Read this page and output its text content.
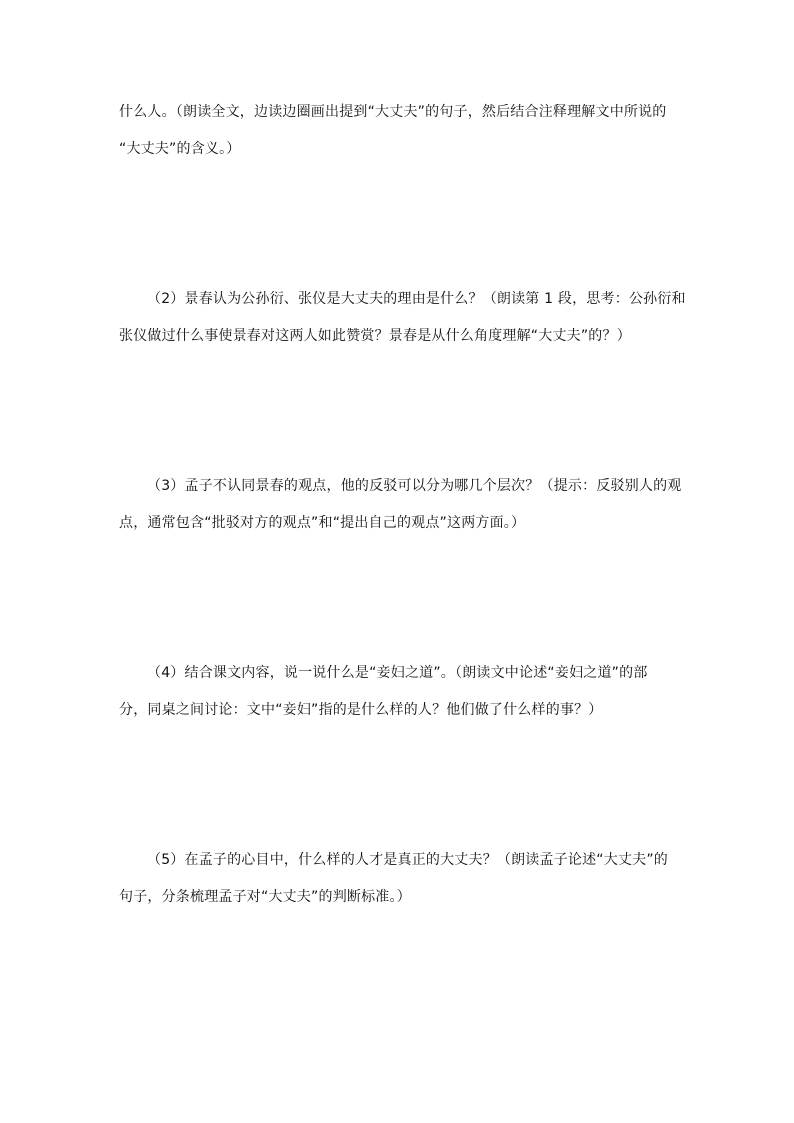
什么人。（朗读全文，边读边圈画出提到“大丈夫”的句子，然后结合注释理解文中所说的
“大丈夫”的含义。）

（2）景春认为公孙衍、张仪是大丈夫的理由是什么？（朗读第 1 段，思考：公孙衍和
张仪做过什么事使景春对这两人如此赞赏？景春是从什么角度理解“大丈夫”的？）

（3）孟子不认同景春的观点，他的反驳可以分为哪几个层次？（提示：反驳别人的观
点，通常包含“批驳对方的观点”和“提出自己的观点”这两方面。）

（4）结合课文内容，说一说什么是“妾妇之道”。（朗读文中论述“妾妇之道”的部
分，同桌之间讨论：文中“妾妇”指的是什么样的人？他们做了什么样的事？）

（5）在孟子的心目中，什么样的人才是真正的大丈夫？（朗读孟子论述“大丈夫”的
句子，分条梳理孟子对“大丈夫”的判断标准。）
